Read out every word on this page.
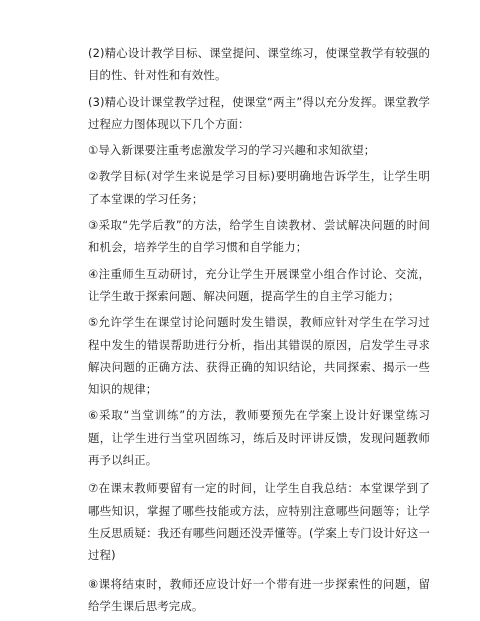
(2)精心设计教学目标、课堂提问、课堂练习，使课堂教学有较强的目的性、针对性和有效性。

(3)精心设计课堂教学过程，使课堂“两主”得以充分发挥。课堂教学过程应力图体现以下几个方面：

①导入新课要注重考虑激发学习的学习兴趣和求知欲望；

②教学目标(对学生来说是学习目标)要明确地告诉学生，让学生明了本堂课的学习任务；

③采取“先学后教”的方法，给学生自读教材、尝试解决问题的时间和机会，培养学生的自学习惯和自学能力；

④注重师生互动研讨，充分让学生开展课堂小组合作讨论、交流，让学生敢于探索问题、解决问题，提高学生的自主学习能力；

⑤允许学生在课堂讨论问题时发生错误，教师应针对学生在学习过程中发生的错误帮助进行分析，指出其错误的原因，启发学生寻求解决问题的正确方法、获得正确的知识结论，共同探索、揭示一些知识的规律；

⑥采取“当堂训练”的方法，教师要预先在学案上设计好课堂练习题，让学生进行当堂巩固练习，练后及时评讲反馈，发现问题教师再予以纠正。

⑦在课末教师要留有一定的时间，让学生自我总结：本堂课学到了哪些知识，掌握了哪些技能或方法，应特别注意哪些问题等；让学生反思质疑：我还有哪些问题还没弄懂等。(学案上专门设计好这一过程)

⑧课将结束时，教师还应设计好一个带有进一步探索性的问题，留给学生课后思考完成。
